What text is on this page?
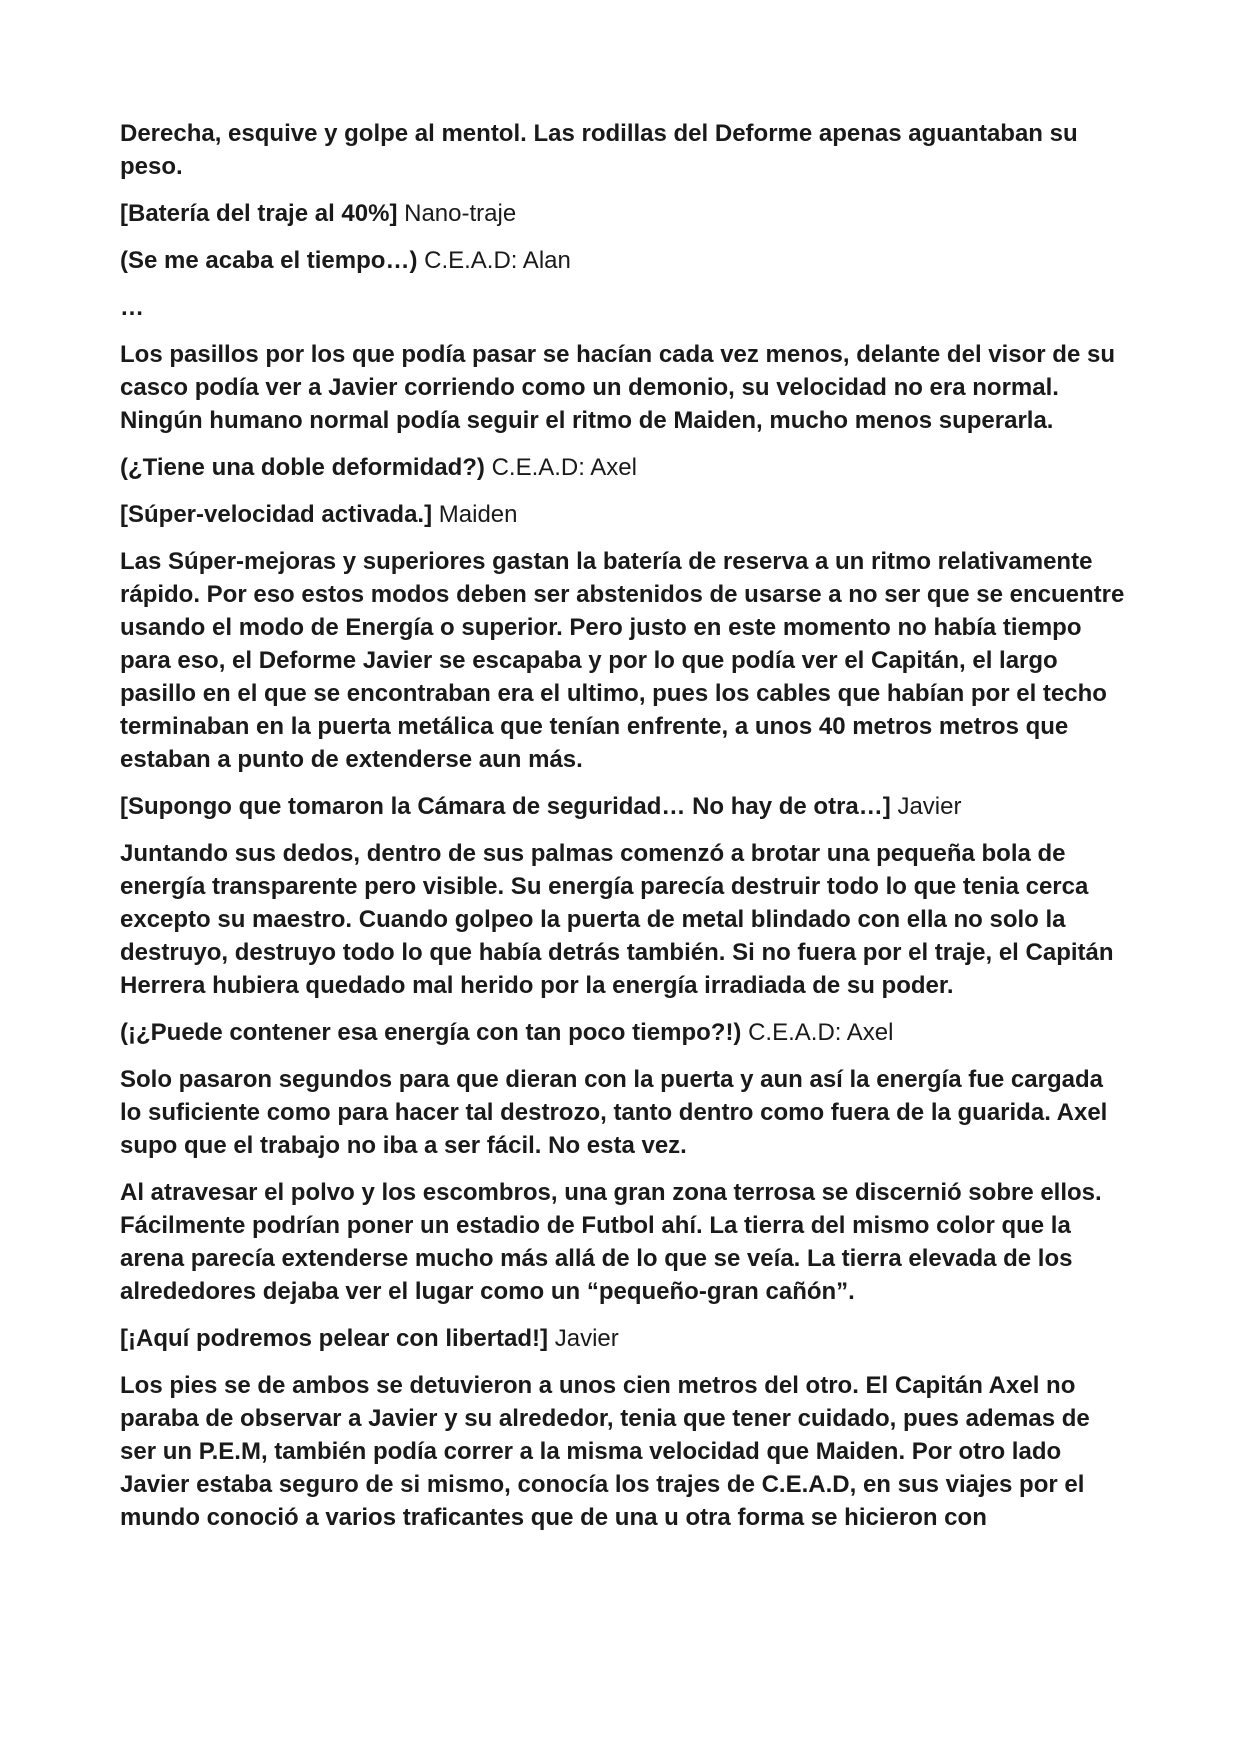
Derecha, esquive y golpe al mentol. Las rodillas del Deforme apenas aguantaban su peso.

[Batería del traje al 40%] Nano-traje

(Se me acaba el tiempo…) C.E.A.D: Alan

…

Los pasillos por los que podía pasar se hacían cada vez menos, delante del visor de su casco podía ver a Javier corriendo como un demonio, su velocidad no era normal. Ningún humano normal podía seguir el ritmo de Maiden, mucho menos superarla.

(¿Tiene una doble deformidad?) C.E.A.D: Axel

[Súper-velocidad activada.] Maiden

Las Súper-mejoras y superiores gastan la batería de reserva a un ritmo relativamente rápido. Por eso estos modos deben ser abstenidos de usarse a no ser que se encuentre usando el modo de Energía o superior. Pero justo en este momento no había tiempo para eso, el Deforme Javier se escapaba y por lo que podía ver el Capitán, el largo pasillo en el que se encontraban era el ultimo, pues los cables que habían por el techo terminaban en la puerta metálica que tenían enfrente, a unos 40 metros metros que estaban a punto de extenderse aun más.

[Supongo que tomaron la Cámara de seguridad… No hay de otra…] Javier

Juntando sus dedos, dentro de sus palmas comenzó a brotar una pequeña bola de energía transparente pero visible. Su energía parecía destruir todo lo que tenia cerca excepto su maestro. Cuando golpeo la puerta de metal blindado con ella no solo la destruyo, destruyo todo lo que había detrás también. Si no fuera por el traje, el Capitán Herrera hubiera quedado mal herido por la energía irradiada de su poder.

(¡¿Puede contener esa energía con tan poco tiempo?!) C.E.A.D: Axel

Solo pasaron segundos para que dieran con la puerta y aun así la energía fue cargada lo suficiente como para hacer tal destrozo, tanto dentro como fuera de la guarida. Axel supo que el trabajo no iba a ser fácil. No esta vez.

Al atravesar el polvo y los escombros, una gran zona terrosa se discernió sobre ellos. Fácilmente podrían poner un estadio de Futbol ahí. La tierra del mismo color que la arena parecía extenderse mucho más allá de lo que se veía. La tierra elevada de los alrededores dejaba ver el lugar como un “pequeño-gran cañón”.

[¡Aquí podremos pelear con libertad!] Javier

Los pies se de ambos se detuvieron a unos cien metros del otro. El Capitán Axel no paraba de observar a Javier y su alrededor, tenia que tener cuidado, pues ademas de ser un P.E.M, también podía correr a la misma velocidad que Maiden. Por otro lado Javier estaba seguro de si mismo, conocía los trajes de C.E.A.D, en sus viajes por el mundo conoció a varios traficantes que de una u otra forma se hicieron con
